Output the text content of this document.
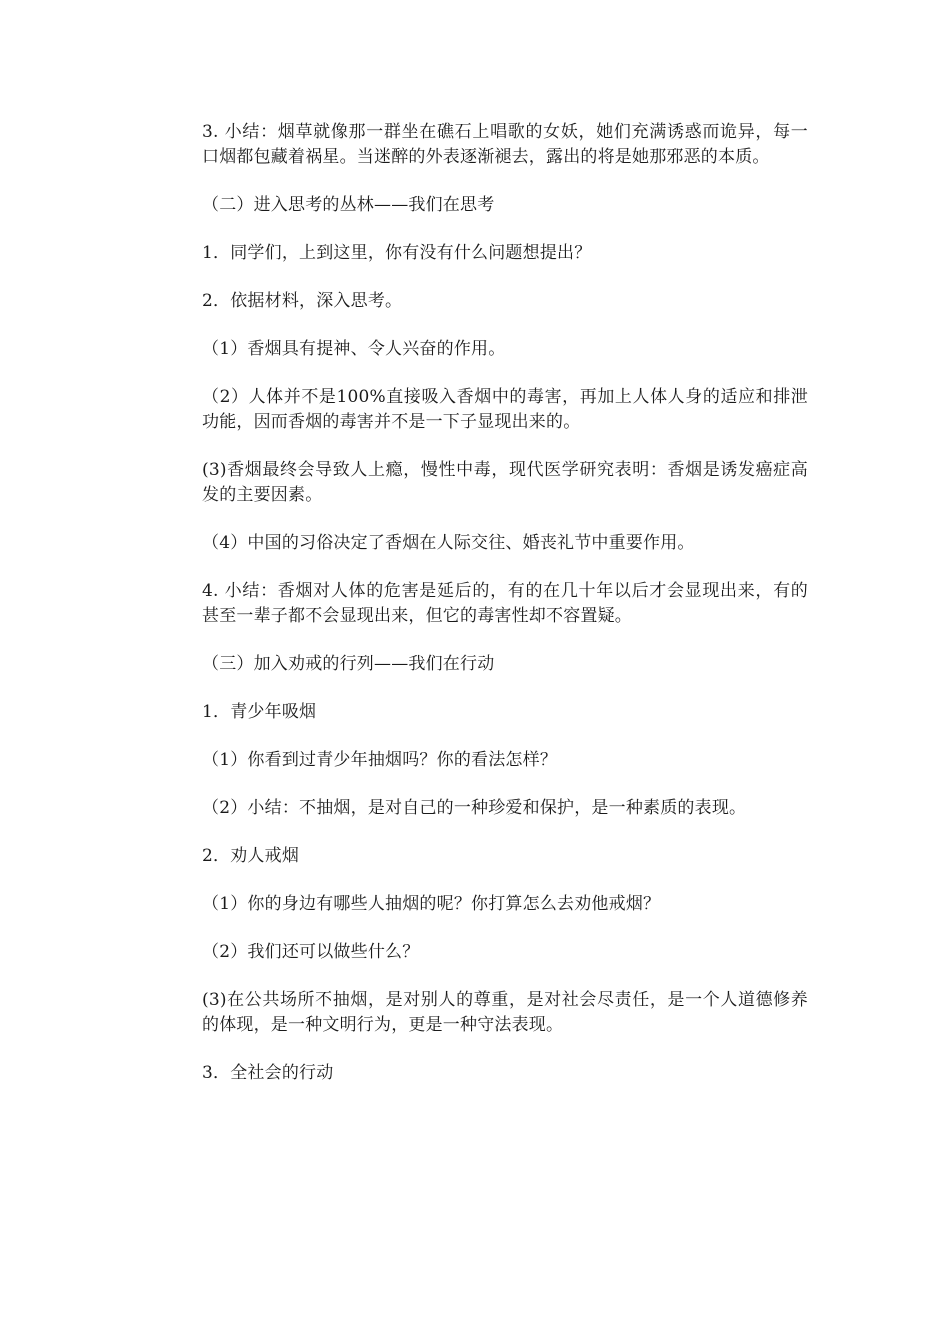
3. 小结：烟草就像那一群坐在礁石上唱歌的女妖，她们充满诱惑而诡异，每一口烟都包藏着祸星。当迷醉的外表逐渐褪去，露出的将是她那邪恶的本质。

（二）进入思考的丛林——我们在思考

1．同学们，上到这里，你有没有什么问题想提出？

2．依据材料，深入思考。

（1）香烟具有提神、令人兴奋的作用。

（2）人体并不是100%直接吸入香烟中的毒害，再加上人体人身的适应和排泄功能，因而香烟的毒害并不是一下子显现出来的。

(3)香烟最终会导致人上瘾，慢性中毒，现代医学研究表明：香烟是诱发癌症高发的主要因素。

（4）中国的习俗决定了香烟在人际交往、婚丧礼节中重要作用。

4. 小结：香烟对人体的危害是延后的，有的在几十年以后才会显现出来，有的甚至一辈子都不会显现出来，但它的毒害性却不容置疑。

（三）加入劝戒的行列——我们在行动

1．青少年吸烟

（1）你看到过青少年抽烟吗？你的看法怎样？

（2）小结：不抽烟，是对自己的一种珍爱和保护，是一种素质的表现。

2．劝人戒烟

（1）你的身边有哪些人抽烟的呢？你打算怎么去劝他戒烟？

（2）我们还可以做些什么？

(3)在公共场所不抽烟，是对别人的尊重，是对社会尽责任，是一个人道德修养的体现，是一种文明行为，更是一种守法表现。

3．全社会的行动
